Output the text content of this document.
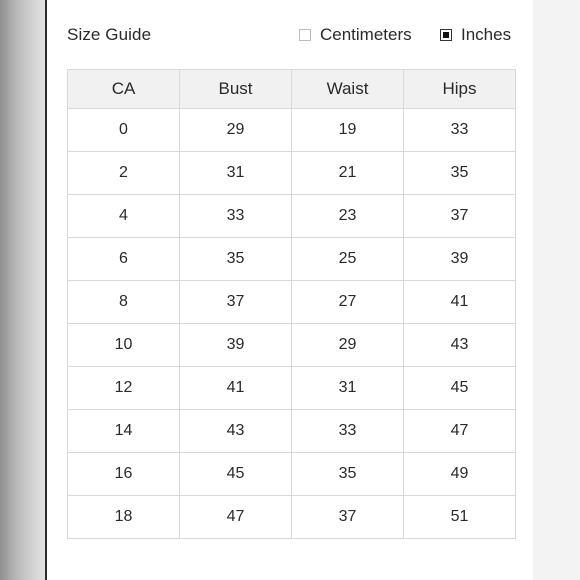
Size Guide	Centimeters	Inches
CA	Bust	Waist	Hips
0	29	19	33
2	31	21	35
4	33	23	37
6	35	25	39
8	37	27	41
10	39	29	43
12	41	31	45
14	43	33	47
16	45	35	49
18	47	37	51
